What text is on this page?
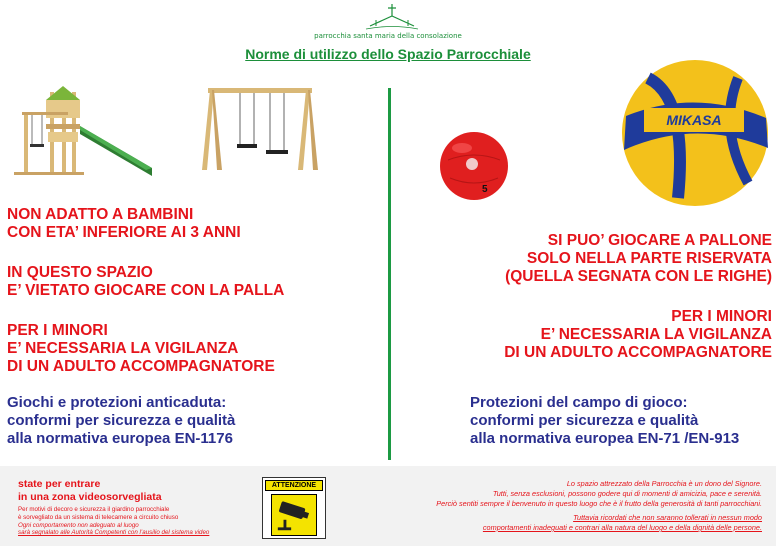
parrocchia santa maria della consolazione
Norme di utilizzo dello Spazio Parrocchiale
5
MIKASA
NON ADATTO A BAMBINI
CON ETA’ INFERIORE AI 3 ANNI
IN QUESTO SPAZIO
E’ VIETATO GIOCARE CON LA PALLA
PER I MINORI
E’ NECESSARIA LA VIGILANZA
DI UN ADULTO ACCOMPAGNATORE
Giochi e protezioni anticaduta:
conformi per sicurezza e qualità
alla normativa europea EN-1176
SI PUO’ GIOCARE A PALLONE
SOLO NELLA PARTE RISERVATA
(QUELLA SEGNATA CON LE RIGHE)
PER I MINORI
E’ NECESSARIA LA VIGILANZA
DI UN ADULTO ACCOMPAGNATORE
Protezioni del campo di gioco:
conformi per sicurezza e qualità
alla normativa europea EN-71 /EN-913
state per entrare
in una zona videosorvegliata
Per motivi di decoro e sicurezza il giardino parrocchiale
è sorvegliato da un sistema di telecamere a circuito chiuso
Ogni comportamento non adeguato al luogo
sarà segnalato alle Autorità Competenti con l’ausilio del sistema video
ATTENZIONE	Lo spazio attrezzato della Parrocchia è un dono del Signore.
Tutti, senza esclusioni, possono godere qui di momenti di amicizia, pace e serenità.
Perciò sentiti sempre il benvenuto in questo luogo che è il frutto della generosità di tanti parrocchiani.
Tuttavia ricordati che non saranno tollerati in nessun modo
comportamenti inadeguati e contrari alla natura del luogo e della dignità delle persone.
